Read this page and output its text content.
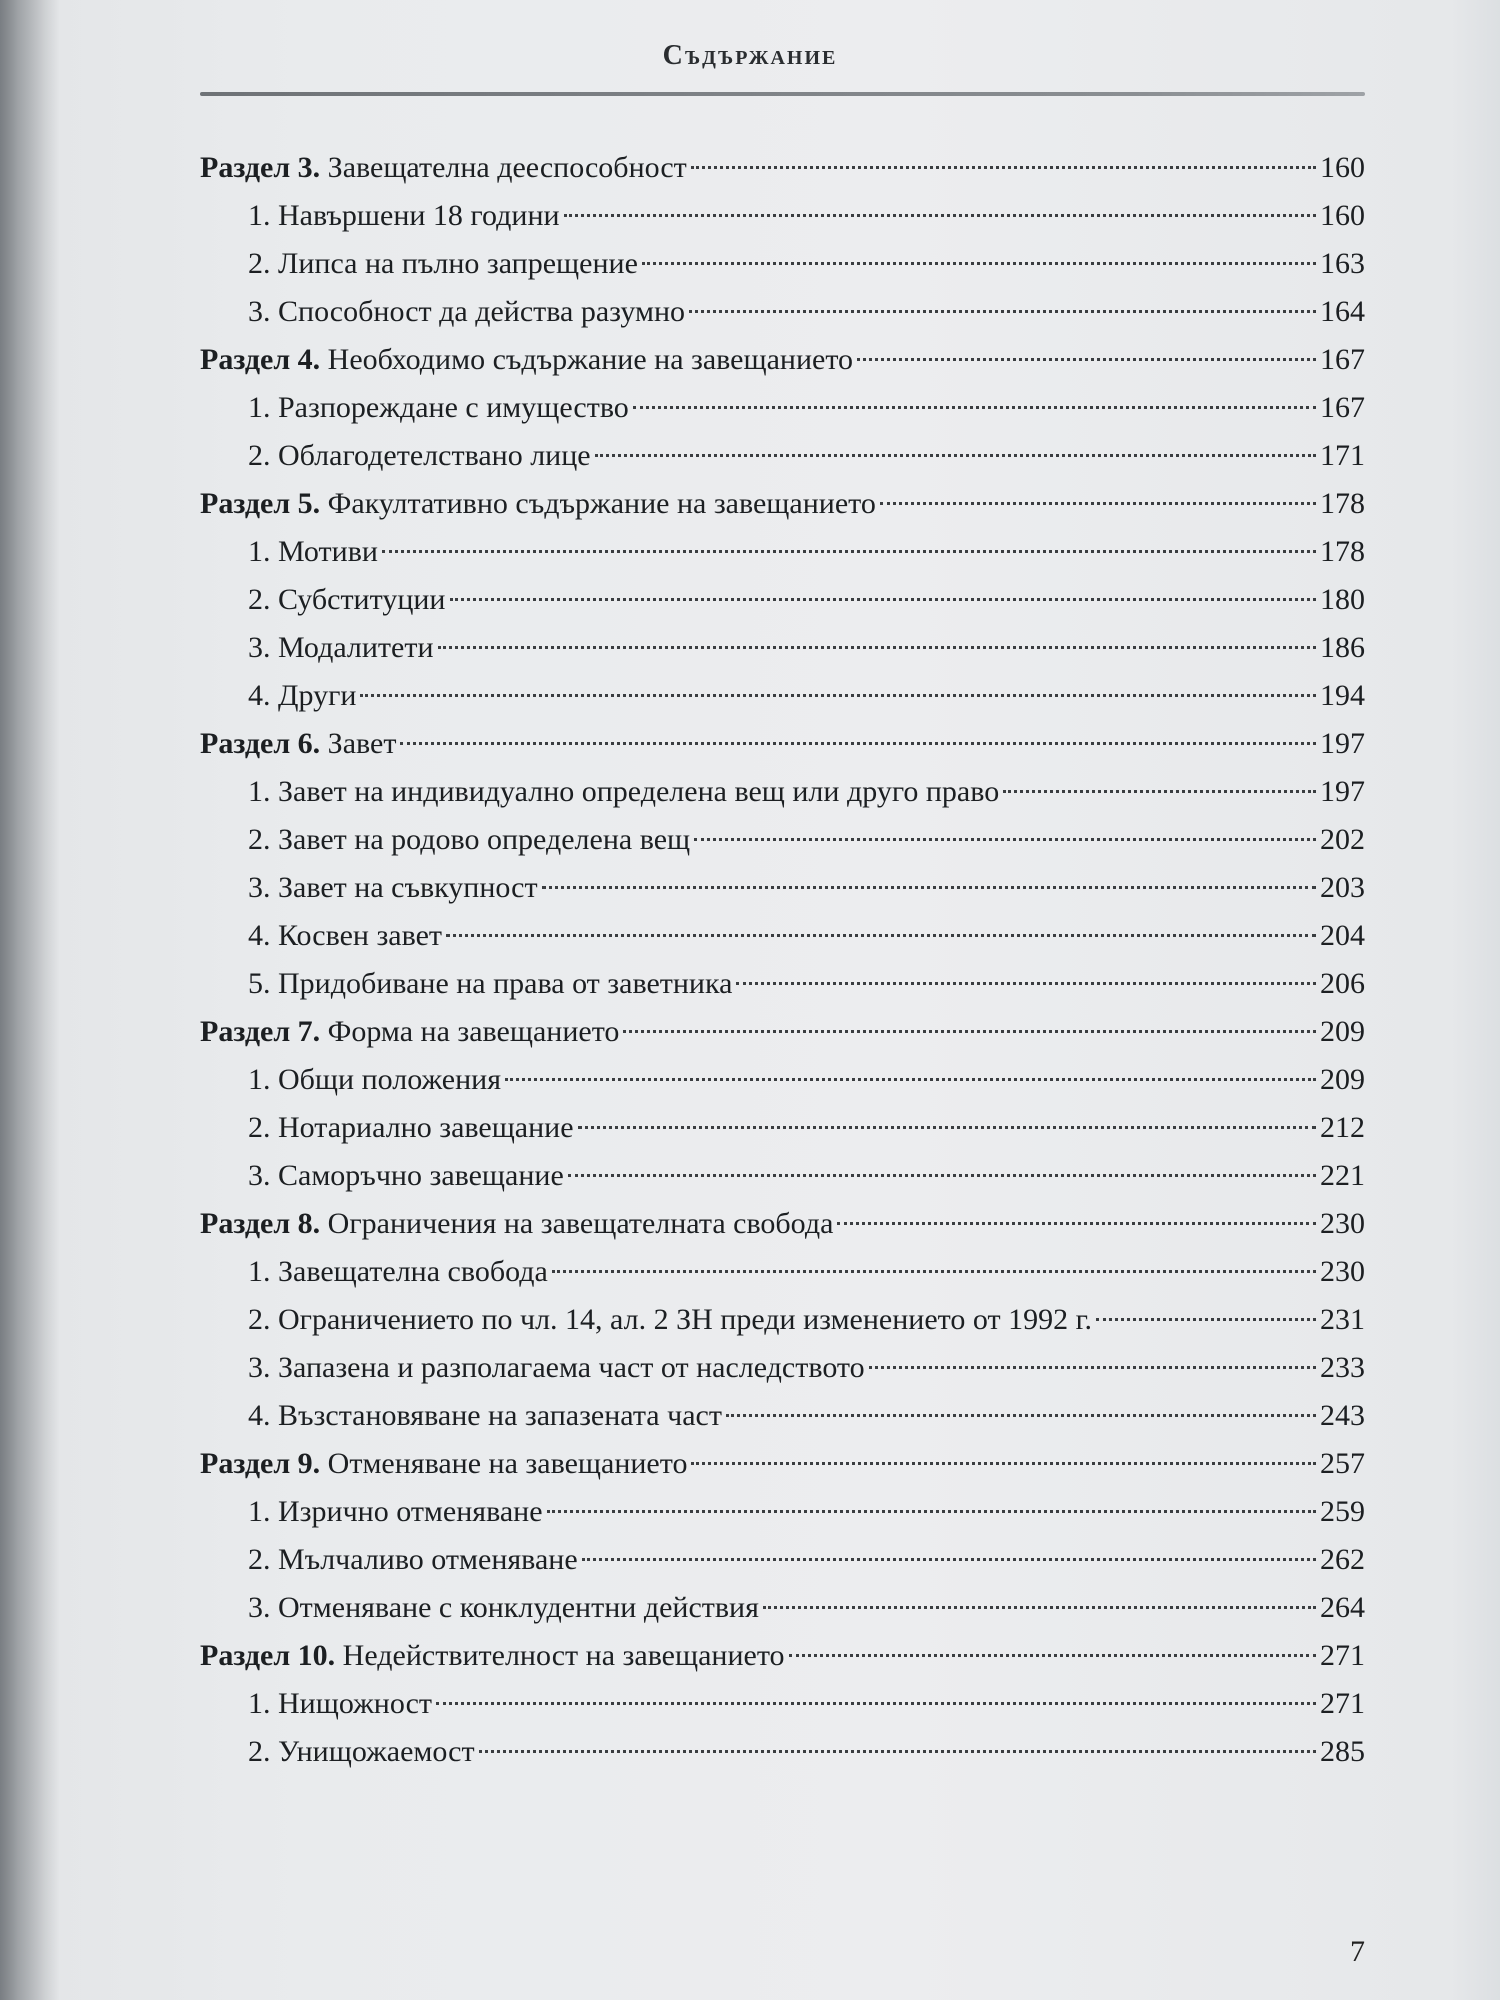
Съдържание
Раздел 3. Завещателна дееспособност	160
1. Навършени 18 години	160
2. Липса на пълно запрещение	163
3. Способност да действа разумно	164
Раздел 4. Необходимо съдържание на завещанието	167
1. Разпореждане с имущество	167
2. Облагодетелствано лице	171
Раздел 5. Факултативно съдържание на завещанието	178
1. Мотиви	178
2. Субституции	180
3. Модалитети	186
4. Други	194
Раздел 6. Завет	197
1. Завет на индивидуално определена вещ или друго право	197
2. Завет на родово определена вещ	202
3. Завет на съвкупност	203
4. Косвен завет	204
5. Придобиване на права от заветника	206
Раздел 7. Форма на завещанието	209
1. Общи положения	209
2. Нотариално завещание	212
3. Саморъчно завещание	221
Раздел 8. Ограничения на завещателната свобода	230
1. Завещателна свобода	230
2. Ограничението по чл. 14, ал. 2 ЗН преди изменението от 1992 г.	231
3. Запазена и разполагаема част от наследството	233
4. Възстановяване на запазената част	243
Раздел 9. Отменяване на завещанието	257
1. Изрично отменяване	259
2. Мълчаливо отменяване	262
3. Отменяване с конклудентни действия	264
Раздел 10. Недействителност на завещанието	271
1. Нищожност	271
2. Унищожаемост	285
7
